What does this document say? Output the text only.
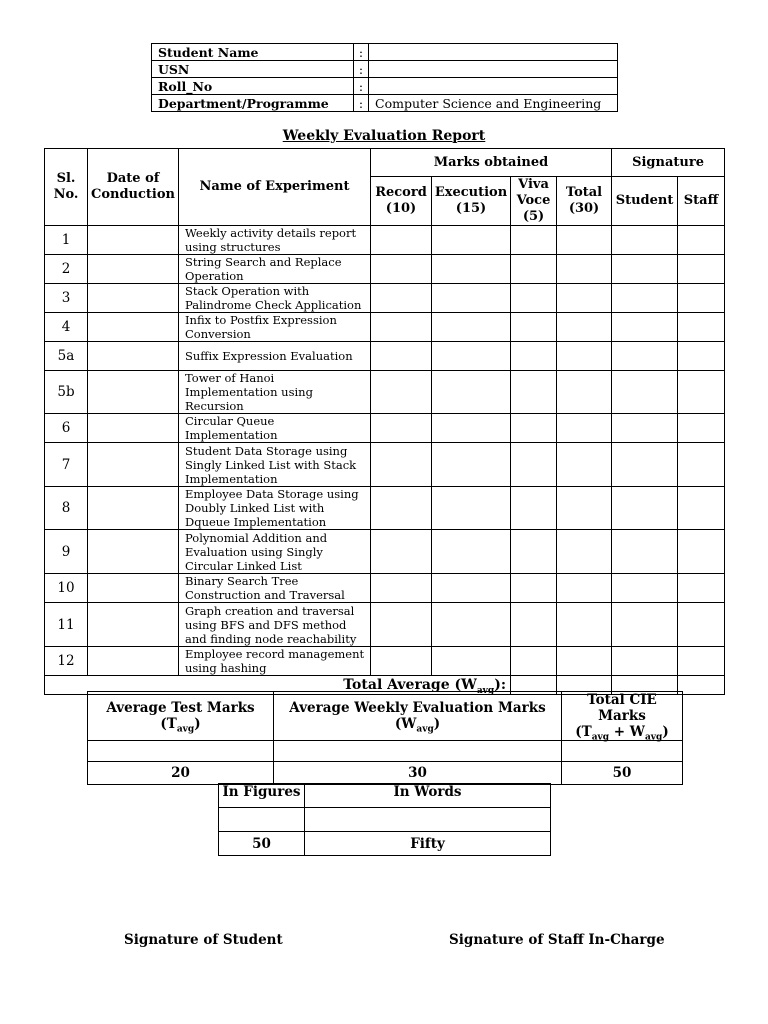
Student Name	:	
USN	:	
Roll_No	:	
Department/Programme	:	Computer Science and Engineering
Weekly Evaluation Report
Sl. No.	Date of Conduction	Name of Experiment	Marks obtained				Signature	
			Record (10)	Execution (15)	Viva Voce (5)	Total (30)	Student	Staff
1		Weekly activity details report using structures						
2		String Search and Replace Operation						
3		Stack Operation with Palindrome Check Application						
4		Infix to Postfix Expression Conversion						
5a		Suffix Expression Evaluation						
5b		Tower of Hanoi Implementation using Recursion						
6		Circular Queue Implementation						
7		Student Data Storage using Singly Linked List with Stack Implementation						
8		Employee Data Storage using Doubly Linked List with Dqueue Implementation						
9		Polynomial Addition and Evaluation using Singly Circular Linked List						
10		Binary Search Tree Construction and Traversal						
11		Graph creation and traversal using BFS and DFS method and finding node reachability						
12		Employee record management using hashing						
Total Average $(W_{avg})$:								
Average Test Marks $(T_{avg})$	Average Weekly Evaluation Marks $(W_{avg})$	Total CIE Marks
$(T_{avg} + W_{avg})$

20	30	50
In Figures	In Words

50	Fifty
Signature of Student	Signature of Staff In-Charge
